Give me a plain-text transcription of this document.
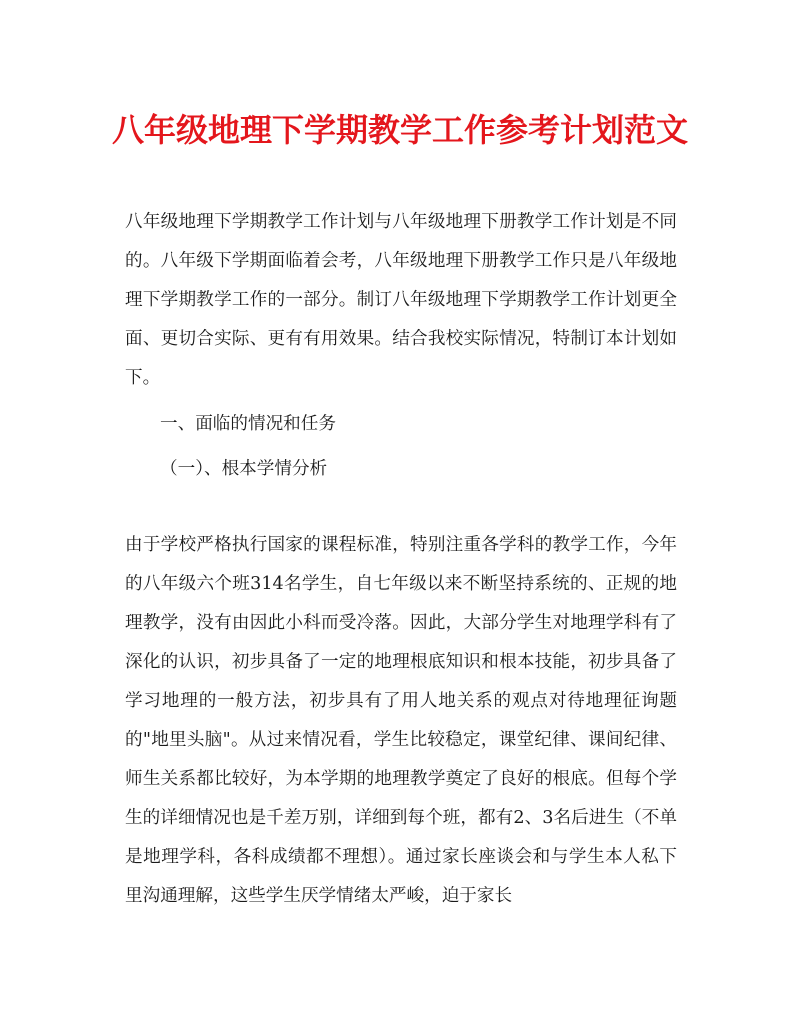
八年级地理下学期教学工作参考计划范文

八年级地理下学期教学工作计划与八年级地理下册教学工作计划是不同的。八年级下学期面临着会考，八年级地理下册教学工作只是八年级地理下学期教学工作的一部分。制订八年级地理下学期教学工作计划更全面、更切合实际、更有有用效果。结合我校实际情况，特制订本计划如下。

一、面临的情况和任务

（一）、根本学情分析

由于学校严格执行国家的课程标准，特别注重各学科的教学工作，今年的八年级六个班314名学生，自七年级以来不断坚持系统的、正规的地理教学，没有由因此小科而受冷落。因此，大部分学生对地理学科有了深化的认识，初步具备了一定的地理根底知识和根本技能，初步具备了学习地理的一般方法，初步具有了用人地关系的观点对待地理征询题的"地里头脑"。从过来情况看，学生比较稳定，课堂纪律、课间纪律、师生关系都比较好，为本学期的地理教学奠定了良好的根底。但每个学生的详细情况也是千差万别，详细到每个班，都有2、3名后进生（不单是地理学科，各科成绩都不理想）。通过家长座谈会和与学生本人私下里沟通理解，这些学生厌学情绪太严峻，迫于家长
